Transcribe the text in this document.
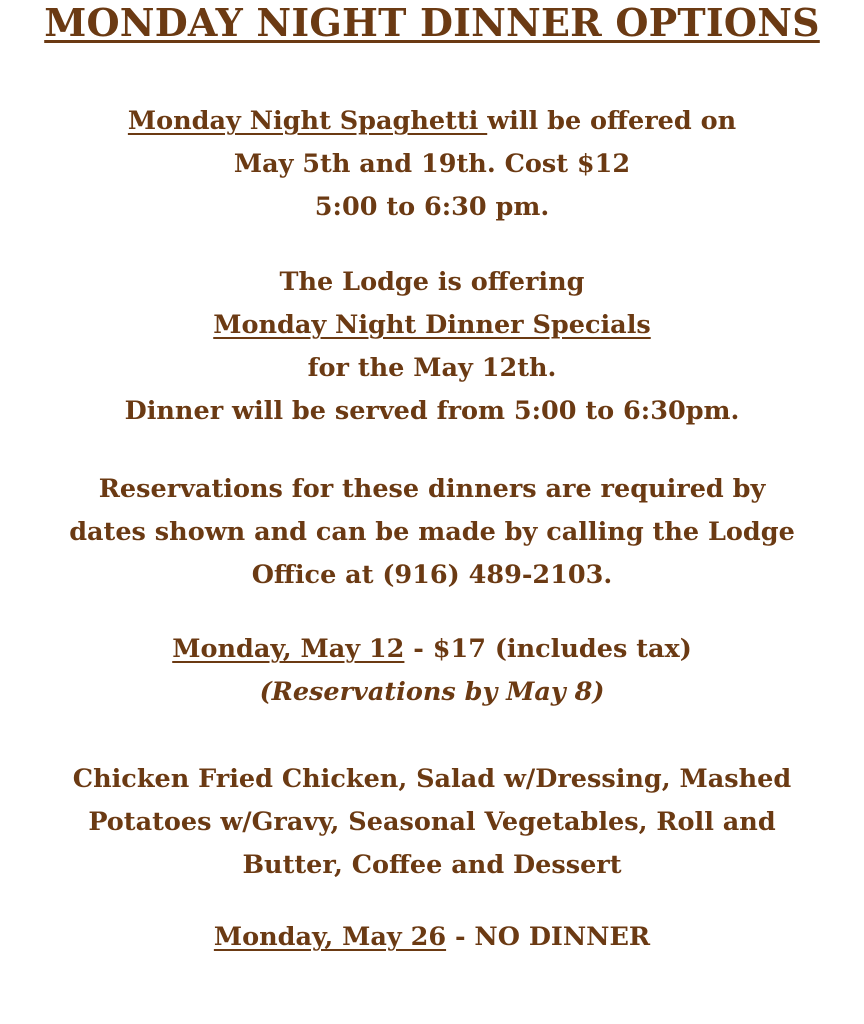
MONDAY NIGHT DINNER OPTIONS
Monday Night Spaghetti will be offered on
May 5th and 19th. Cost $12
5:00 to 6:30 pm.
The Lodge is offering
Monday Night Dinner Specials
for the May 12th.
Dinner will be served from 5:00 to 6:30pm.
Reservations for these dinners are required by
dates shown and can be made by calling the Lodge
Office at (916) 489-2103.
Monday, May 12 - $17 (includes tax)
(Reservations by May 8)
Chicken Fried Chicken, Salad w/Dressing, Mashed
Potatoes w/Gravy, Seasonal Vegetables, Roll and
Butter, Coffee and Dessert
Monday, May 26 - NO DINNER
